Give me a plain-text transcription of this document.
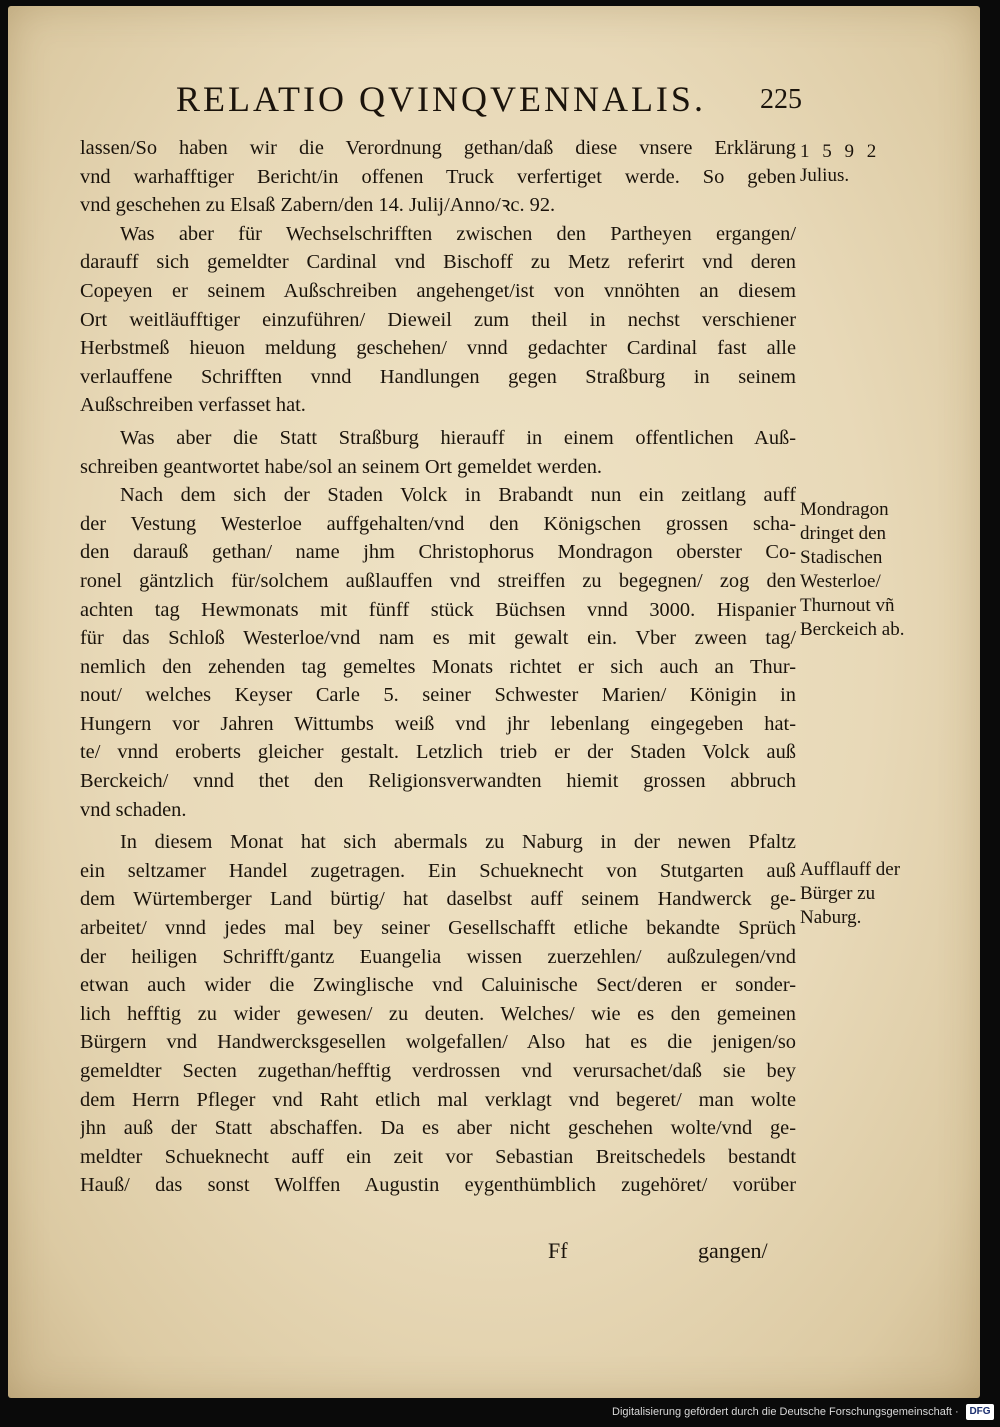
RELATIO QVINQVENNALIS. 225
lassen/So haben wir die Verordnung gethan/daß diese vnsere Erklärung
vnd warhafftiger Bericht/in offenen Truck verfertiget werde. So geben
vnd geschehen zu Elsaß Zabern/den 14. Julij/Anno/ꝛc. 92.
Was aber für Wechselschrifften zwischen den Partheyen ergangen/
darauff sich gemeldter Cardinal vnd Bischoff zu Metz referirt vnd deren
Copeyen er seinem Außschreiben angehenget/ist von vnnöhten an diesem
Ort weitläufftiger einzuführen/ Dieweil zum theil in nechst verschiener
Herbstmeß hieuon meldung geschehen/ vnnd gedachter Cardinal fast alle
verlauffene Schrifften vnnd Handlungen gegen Straßburg in seinem
Außschreiben verfasset hat.
Was aber die Statt Straßburg hierauff in einem offentlichen Auß-
schreiben geantwortet habe/sol an seinem Ort gemeldet werden.
Nach dem sich der Staden Volck in Brabandt nun ein zeitlang auff
der Vestung Westerloe auffgehalten/vnd den Königschen grossen scha-
den darauß gethan/ name jhm Christophorus Mondragon oberster Co-
ronel gäntzlich für/solchem außlauffen vnd streiffen zu begegnen/ zog den
achten tag Hewmonats mit fünff stück Büchsen vnnd 3000. Hispanier
für das Schloß Westerloe/vnd nam es mit gewalt ein. Vber zween tag/
nemlich den zehenden tag gemeltes Monats richtet er sich auch an Thur-
nout/ welches Keyser Carle 5. seiner Schwester Marien/ Königin in
Hungern vor Jahren Wittumbs weiß vnd jhr lebenlang eingegeben hat-
te/ vnnd eroberts gleicher gestalt. Letzlich trieb er der Staden Volck auß
Berckeich/ vnnd thet den Religionsverwandten hiemit grossen abbruch
vnd schaden.
In diesem Monat hat sich abermals zu Naburg in der newen Pfaltz
ein seltzamer Handel zugetragen. Ein Schueknecht von Stutgarten auß
dem Würtemberger Land bürtig/ hat daselbst auff seinem Handwerck ge-
arbeitet/ vnnd jedes mal bey seiner Gesellschafft etliche bekandte Sprüch
der heiligen Schrifft/gantz Euangelia wissen zuerzehlen/ außzulegen/vnd
etwan auch wider die Zwinglische vnd Caluinische Sect/deren er sonder-
lich hefftig zu wider gewesen/ zu deuten. Welches/ wie es den gemeinen
Bürgern vnd Handwercksgesellen wolgefallen/ Also hat es die jenigen/so
gemeldter Secten zugethan/hefftig verdrossen vnd verursachet/daß sie bey
dem Herrn Pfleger vnd Raht etlich mal verklagt vnd begeret/ man wolte
jhn auß der Statt abschaffen. Da es aber nicht geschehen wolte/vnd ge-
meldter Schueknecht auff ein zeit vor Sebastian Breitschedels bestandt
Hauß/ das sonst Wolffen Augustin eygenthümblich zugehöret/ vorüber
1 5 9 2
Julius.
Mondragon
dringet den
Stadischen
Westerloe/
Thurnout vñ
Berckeich ab.
Aufflauff der
Bürger zu
Naburg.
Ff	gangen/
Digitalisierung gefördert durch die Deutsche Forschungsgemeinschaft ·	DFG
